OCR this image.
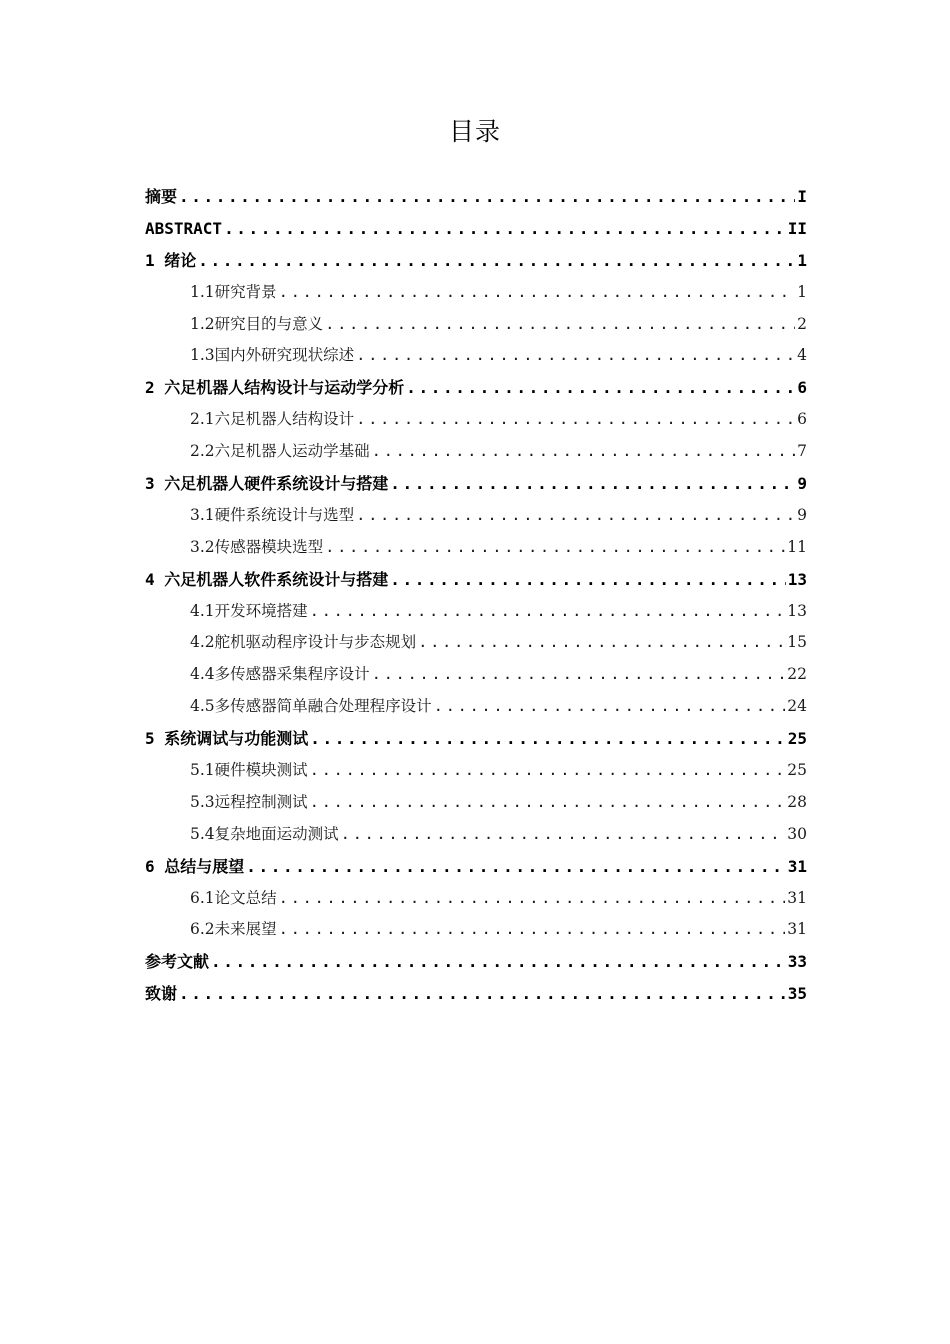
目录
摘要 .....	I
ABSTRACT .....	II
1 绪论 .....	1
1.1研究背景 .....	1
1.2研究目的与意义 .....	2
1.3国内外研究现状综述 .....	4
2 六足机器人结构设计与运动学分析 .....	6
2.1六足机器人结构设计 .....	6
2.2六足机器人运动学基础 .....	7
3 六足机器人硬件系统设计与搭建 .....	9
3.1硬件系统设计与选型 .....	9
3.2传感器模块选型 .....	11
4 六足机器人软件系统设计与搭建 .....	13
4.1开发环境搭建 .....	13
4.2舵机驱动程序设计与步态规划 .....	15
4.4多传感器采集程序设计 .....	22
4.5多传感器简单融合处理程序设计 .....	24
5 系统调试与功能测试 .....	25
5.1硬件模块测试 .....	25
5.3远程控制测试 .....	28
5.4复杂地面运动测试 .....	30
6 总结与展望 .....	31
6.1论文总结 .....	31
6.2未来展望 .....	31
参考文献 .....	33
致谢 .....	35
